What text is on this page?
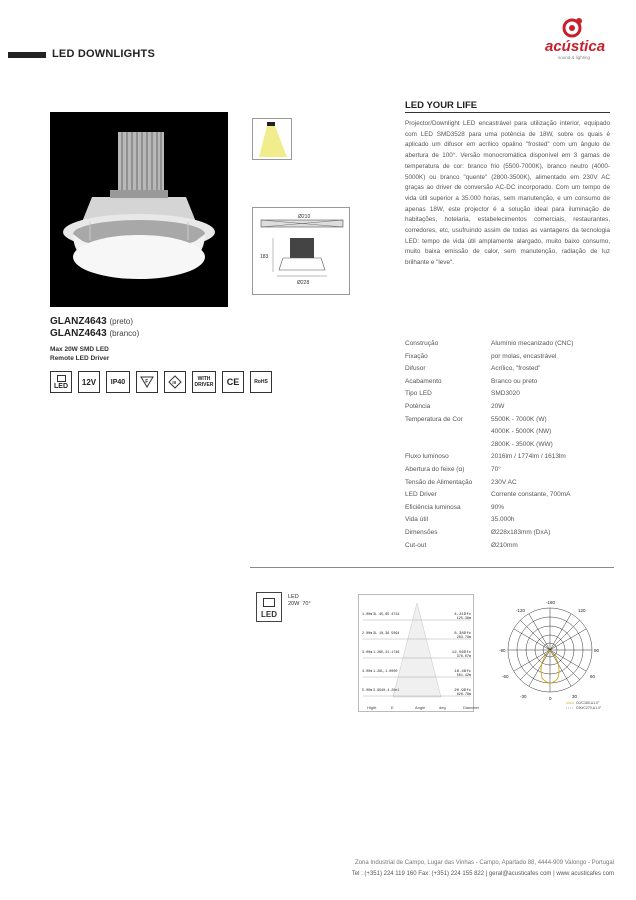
LED DOWNLIGHTS	acústica
sound & lighting
GLANZ4643 (preto)
GLANZ4643 (branco)
Max 20W SMD LED
Remote LED Driver
LED	12V	IP40	F	III
WITH DRIVER	CE	RoHS
Ø210
183
Ø228
LED YOUR LIFE
Projector/Downlight LED encastrável para utilização interior, equipado com LED SMD3528 para uma potência de 18W, sobre os quais é aplicado um difusor em acrílico opalino "frosted" com um ângulo de abertura de 100°. Versão monocromática disponível em 3 gamas de temperatura de cor: branco frio (5500-7000K), branco neutro (4000-5000K) ou branco "quente" (2800-3500K), alimentado em 230V AC graças ao driver de conversão AC-DC incorporado. Com um tempo de vida útil superior a 35.000 horas, sem manutenção, e um consumo de apenas 18W, este projector é a solução ideal para iluminação de habitações, hotelaria, estabelecimentos comerciais, restaurantes, corredores, etc, usufruindo assim de todas as vantagens da tecnologia LED: tempo de vida útil amplamente alargado, muito baixo consumo, muito baixa emissão de calor, sem manutenção, radiação de luz brilhante e "leve".
Construção	Alumínio mecanizado (CNC)
Fixação	por molas, encastrável
Difusor	Acrílico, "frosted"
Acabamento	Branco ou preto
Tipo LED	SMD3020
Potência	20W
Temperatura de Cor	5500K - 7000K (W)
4000K - 5000K (NW)
2800K - 3500K (WW)
Fluxo luminoso	2016lm / 1774lm / 1613lm
Abertura do feixe (α)	70°
Tensão de Alimentação	230V AC
LED Driver	Corrente constante, 700mA
Eficiência luminosa	90%
Vida útil	35.000h
Dimensões	Ø228x183mm (DxA)
Cut-out	Ø210mm
LED
LED
20W 70°
1.00m 3L 45,65 4724	4.21Dfc
125.38m
2.00m 3L 10,36 5894	8.38Dfc
283.79m
3.00m 1.26E,31.1746	12.56Dfc
376.07m
4.00m 1.26L,1.0000	16.48fc
501.42m
5.00m 3.6940,4.20nl	20.9Dfc
626.78m
Hight	E	Angle	deg	Diameter
-180
-120	120
-90	90
-60	60
-30	30
0
C0/C180,A1.0°
C90/C270,A1.0°
Zona Industrial de Campo, Lugar das Vinhas - Campo, Apartado 88, 4444-909 Valongo - Portugal
Tel : (+351) 224 119 160 Fax: (+351) 224 155 822 | geral@acusticafes com | www acusticafes com
